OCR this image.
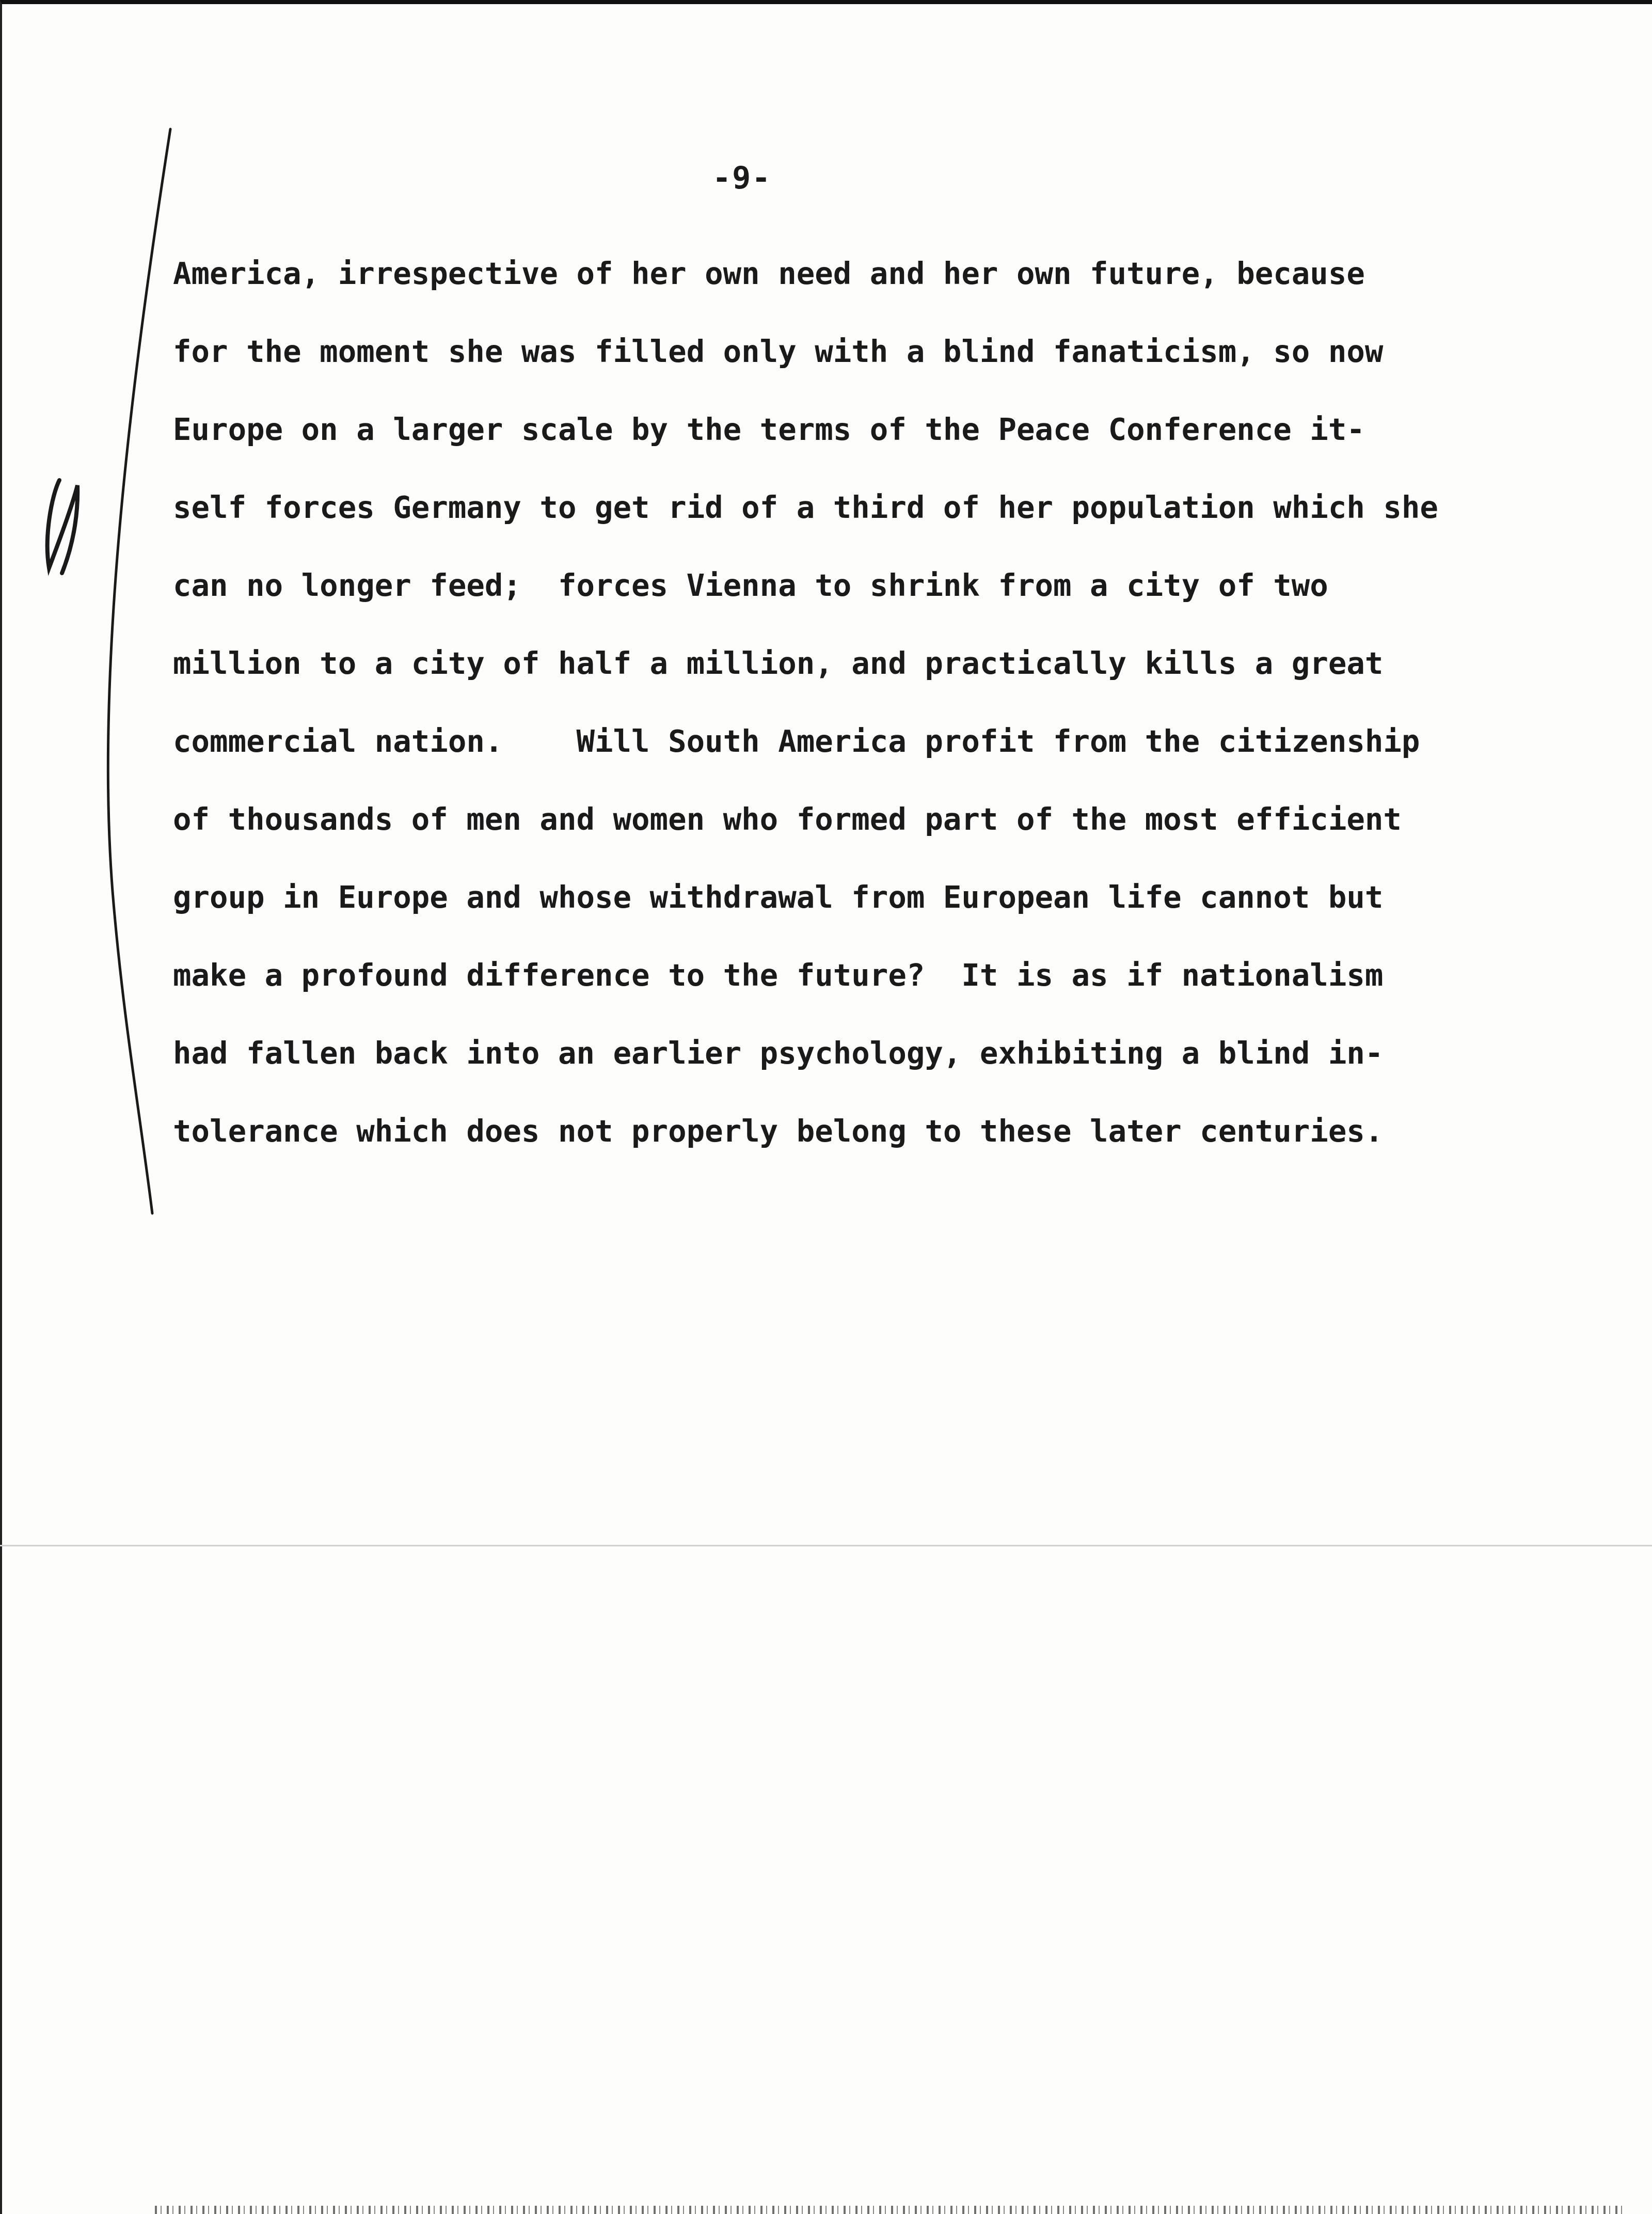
-9-
America, irrespective of her own need and her own future, because
for the moment she was filled only with a blind fanaticism, so now
Europe on a larger scale by the terms of the Peace Conference it-
self forces Germany to get rid of a third of her population which she
can no longer feed;  forces Vienna to shrink from a city of two
million to a city of half a million, and practically kills a great
commercial nation.    Will South America profit from the citizenship
of thousands of men and women who formed part of the most efficient
group in Europe and whose withdrawal from European life cannot but
make a profound difference to the future?  It is as if nationalism
had fallen back into an earlier psychology, exhibiting a blind in-
tolerance which does not properly belong to these later centuries.
